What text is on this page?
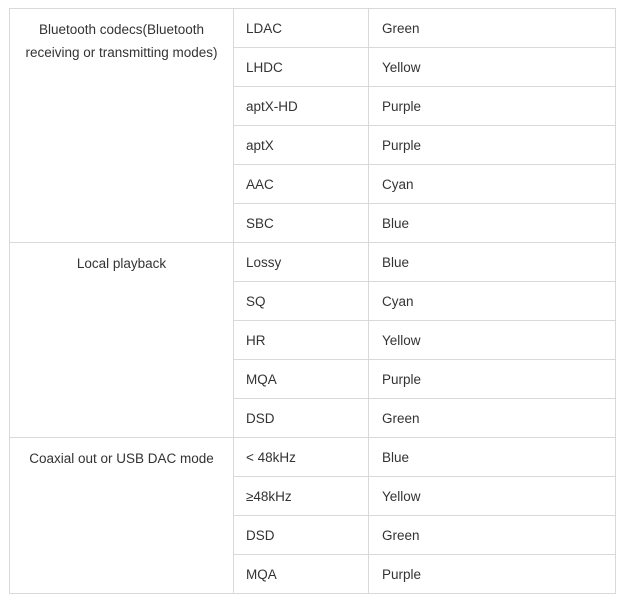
Bluetooth codecs(Bluetooth receiving or transmitting modes)	LDAC	Green
	LHDC	Yellow
	aptX-HD	Purple
	aptX	Purple
	AAC	Cyan
	SBC	Blue
Local playback	Lossy	Blue
	SQ	Cyan
	HR	Yellow
	MQA	Purple
	DSD	Green
Coaxial out or USB DAC mode	< 48kHz	Blue
	≥48kHz	Yellow
	DSD	Green
	MQA	Purple
